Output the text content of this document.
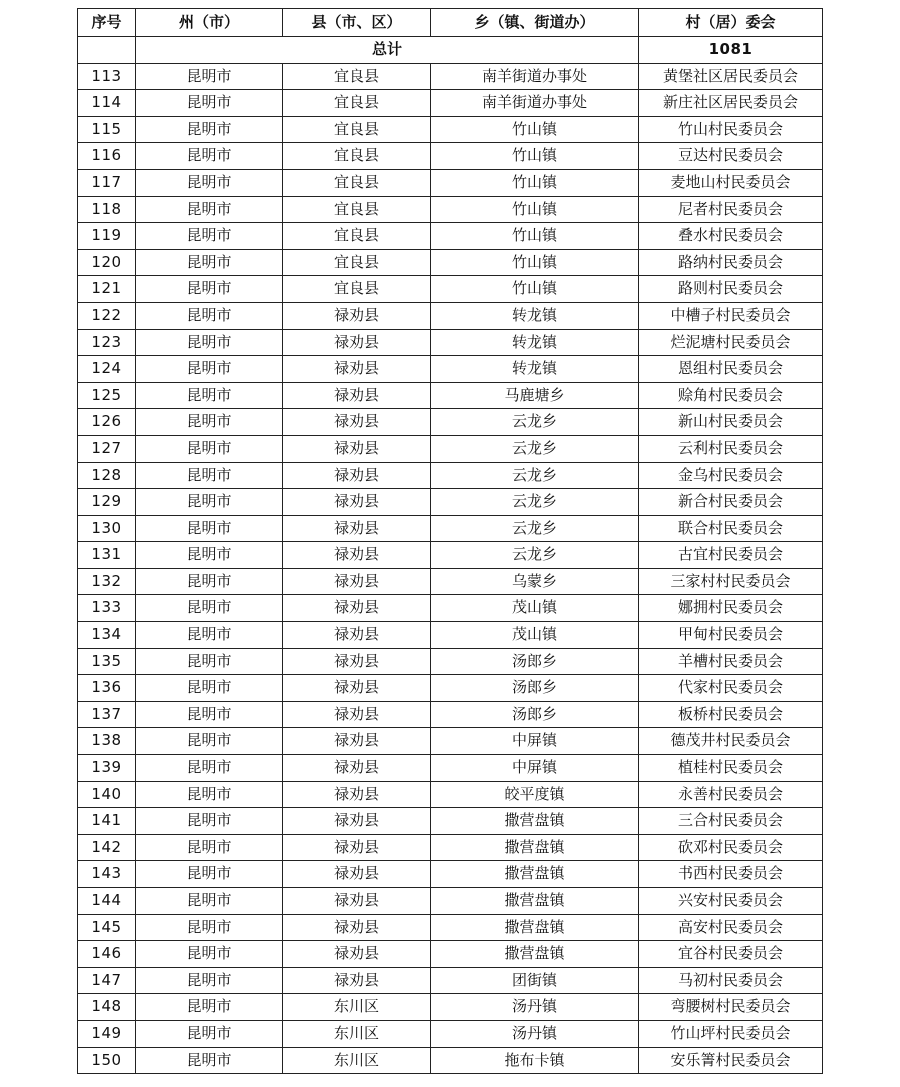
序号	州（市）	县（市、区）	乡（镇、街道办）	村（居）委会
	总计			1081
113	昆明市	宜良县	南羊街道办事处	黄堡社区居民委员会
114	昆明市	宜良县	南羊街道办事处	新庄社区居民委员会
115	昆明市	宜良县	竹山镇	竹山村民委员会
116	昆明市	宜良县	竹山镇	豆达村民委员会
117	昆明市	宜良县	竹山镇	麦地山村民委员会
118	昆明市	宜良县	竹山镇	尼者村民委员会
119	昆明市	宜良县	竹山镇	叠水村民委员会
120	昆明市	宜良县	竹山镇	路纳村民委员会
121	昆明市	宜良县	竹山镇	路则村民委员会
122	昆明市	禄劝县	转龙镇	中槽子村民委员会
123	昆明市	禄劝县	转龙镇	烂泥塘村民委员会
124	昆明市	禄劝县	转龙镇	恩组村民委员会
125	昆明市	禄劝县	马鹿塘乡	赊角村民委员会
126	昆明市	禄劝县	云龙乡	新山村民委员会
127	昆明市	禄劝县	云龙乡	云利村民委员会
128	昆明市	禄劝县	云龙乡	金乌村民委员会
129	昆明市	禄劝县	云龙乡	新合村民委员会
130	昆明市	禄劝县	云龙乡	联合村民委员会
131	昆明市	禄劝县	云龙乡	古宜村民委员会
132	昆明市	禄劝县	乌蒙乡	三家村村民委员会
133	昆明市	禄劝县	茂山镇	娜拥村民委员会
134	昆明市	禄劝县	茂山镇	甲甸村民委员会
135	昆明市	禄劝县	汤郎乡	羊槽村民委员会
136	昆明市	禄劝县	汤郎乡	代家村民委员会
137	昆明市	禄劝县	汤郎乡	板桥村民委员会
138	昆明市	禄劝县	中屏镇	德茂井村民委员会
139	昆明市	禄劝县	中屏镇	植桂村民委员会
140	昆明市	禄劝县	皎平度镇	永善村民委员会
141	昆明市	禄劝县	撒营盘镇	三合村民委员会
142	昆明市	禄劝县	撒营盘镇	砍邓村民委员会
143	昆明市	禄劝县	撒营盘镇	书西村民委员会
144	昆明市	禄劝县	撒营盘镇	兴安村民委员会
145	昆明市	禄劝县	撒营盘镇	高安村民委员会
146	昆明市	禄劝县	撒营盘镇	宜谷村民委员会
147	昆明市	禄劝县	团街镇	马初村民委员会
148	昆明市	东川区	汤丹镇	弯腰树村民委员会
149	昆明市	东川区	汤丹镇	竹山坪村民委员会
150	昆明市	东川区	拖布卡镇	安乐箐村民委员会
